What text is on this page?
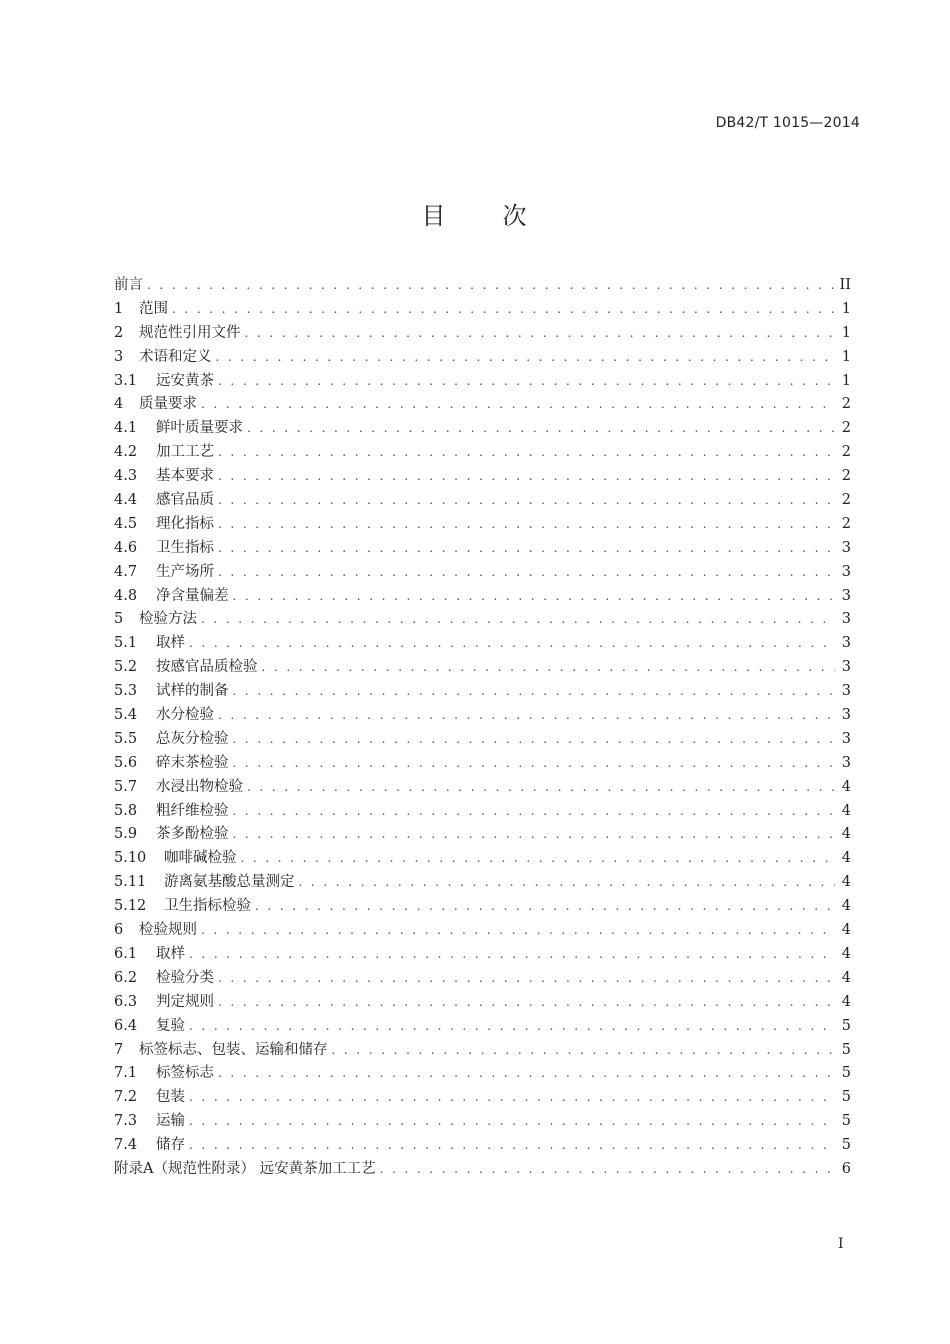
DB42/T 1015—2014
目 次
前言 . . .	II
1	范围 . . .	1
2	规范性引用文件 . . .	1
3	术语和定义 . . .	1
3.1	远安黄茶 . . .	1
4	质量要求 . . .	2
4.1	鲜叶质量要求 . . .	2
4.2	加工工艺 . . .	2
4.3	基本要求 . . .	2
4.4	感官品质 . . .	2
4.5	理化指标 . . .	2
4.6	卫生指标 . . .	3
4.7	生产场所 . . .	3
4.8	净含量偏差 . . .	3
5	检验方法 . . .	3
5.1	取样 . . .	3
5.2	按感官品质检验 . . .	3
5.3	试样的制备 . . .	3
5.4	水分检验 . . .	3
5.5	总灰分检验 . . .	3
5.6	碎末茶检验 . . .	3
5.7	水浸出物检验 . . .	4
5.8	粗纤维检验 . . .	4
5.9	茶多酚检验 . . .	4
5.10	咖啡碱检验 . . .	4
5.11	游离氨基酸总量测定 . . .	4
5.12	卫生指标检验 . . .	4
6	检验规则 . . .	4
6.1	取样 . . .	4
6.2	检验分类 . . .	4
6.3	判定规则 . . .	4
6.4	复验 . . .	5
7	标签标志、包装、运输和储存 . . .	5
7.1	标签标志 . . .	5
7.2	包装 . . .	5
7.3	运输 . . .	5
7.4	储存 . . .	5
附录A（规范性附录） 远安黄茶加工工艺 . . .	6
I
